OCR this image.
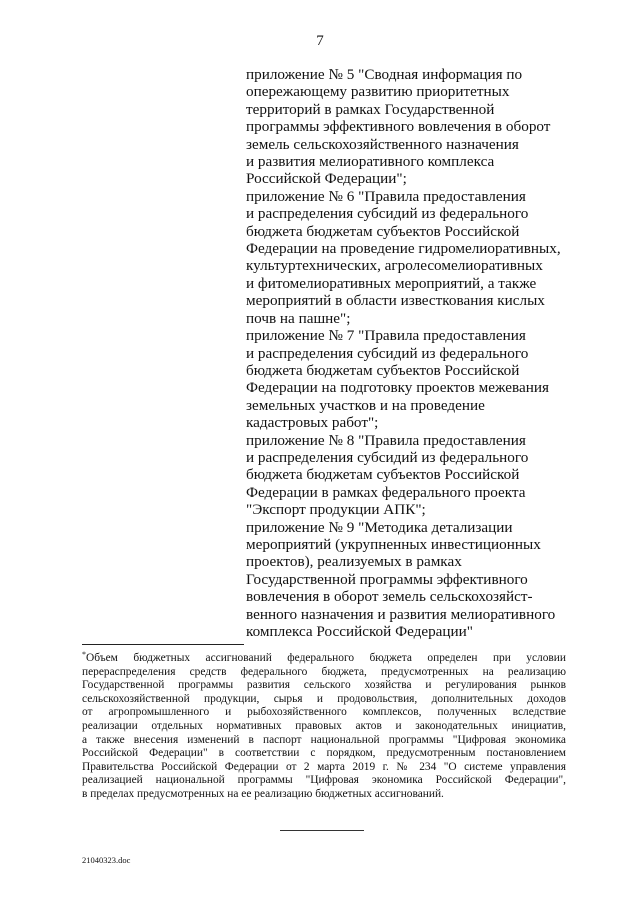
7
приложение № 5 "Сводная информация по
опережающему развитию приоритетных
территорий в рамках Государственной
программы эффективного вовлечения в оборот
земель сельскохозяйственного назначения
и развития мелиоративного комплекса
Российской Федерации";
приложение № 6 "Правила предоставления
и распределения субсидий из федерального
бюджета бюджетам субъектов Российской
Федерации на проведение гидромелиоративных,
культуртехнических, агролесомелиоративных
и фитомелиоративных мероприятий, а также
мероприятий в области известкования кислых
почв на пашне";
приложение № 7 "Правила предоставления
и распределения субсидий из федерального
бюджета бюджетам субъектов Российской
Федерации на подготовку проектов межевания
земельных участков и на проведение
кадастровых работ";
приложение № 8 "Правила предоставления
и распределения субсидий из федерального
бюджета бюджетам субъектов Российской
Федерации в рамках федерального проекта
"Экспорт продукции АПК";
приложение № 9 "Методика детализации
мероприятий (укрупненных инвестиционных
проектов), реализуемых в рамках
Государственной программы эффективного
вовлечения в оборот земель сельскохозяйст-
венного назначения и развития мелиоративного
комплекса Российской Федерации"
*Объем бюджетных ассигнований федерального бюджета определен при условии
перераспределения средств федерального бюджета, предусмотренных на реализацию
Государственной программы развития сельского хозяйства и регулирования рынков
сельскохозяйственной продукции, сырья и продовольствия, дополнительных доходов
от агропромышленного и рыбохозяйственного комплексов, полученных вследствие
реализации отдельных нормативных правовых актов и законодательных инициатив,
а также внесения изменений в паспорт национальной программы "Цифровая экономика
Российской Федерации" в соответствии с порядком, предусмотренным постановлением
Правительства Российской Федерации от 2 марта 2019 г. № 234 "О системе управления
реализацией национальной программы "Цифровая экономика Российской Федерации",
в пределах предусмотренных на ее реализацию бюджетных ассигнований.
21040323.doc
